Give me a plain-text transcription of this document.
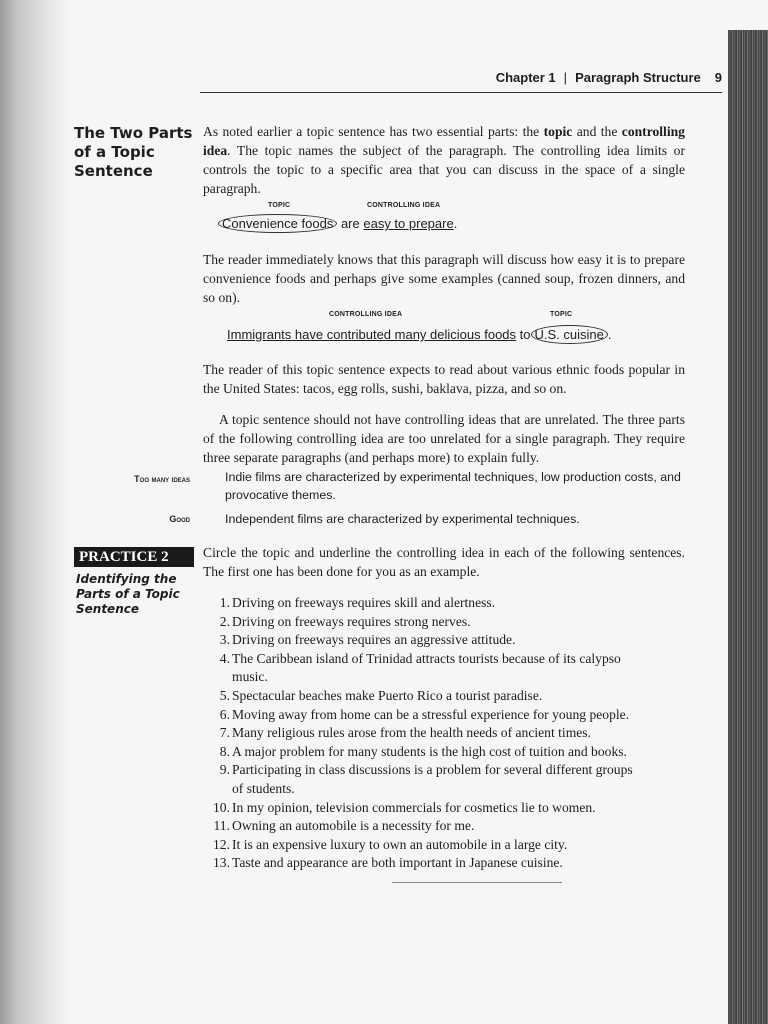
Chapter 1 | Paragraph Structure 9
The Two Parts of a Topic Sentence
As noted earlier a topic sentence has two essential parts: the topic and the controlling idea. The topic names the subject of the paragraph. The controlling idea limits or controls the topic to a specific area that you can discuss in the space of a single paragraph.
TOPIC	CONTROLLING IDEA
Convenience foods are easy to prepare.
The reader immediately knows that this paragraph will discuss how easy it is to prepare convenience foods and perhaps give some examples (canned soup, frozen dinners, and so on).
CONTROLLING IDEA	TOPIC
Immigrants have contributed many delicious foods to U.S. cuisine .
The reader of this topic sentence expects to read about various ethnic foods popular in the United States: tacos, egg rolls, sushi, baklava, pizza, and so on.
A topic sentence should not have controlling ideas that are unrelated. The three parts of the following controlling idea are too unrelated for a single paragraph. They require three separate paragraphs (and perhaps more) to explain fully.
Too many ideas	Indie films are characterized by experimental techniques, low production costs, and provocative themes.
Good	Independent films are characterized by experimental techniques.
PRACTICE 2
Identifying the Parts of a Topic Sentence
Circle the topic and underline the controlling idea in each of the following sentences. The first one has been done for you as an example.
1. Driving on freeways requires skill and alertness.
2. Driving on freeways requires strong nerves.
3. Driving on freeways requires an aggressive attitude.
4. The Caribbean island of Trinidad attracts tourists because of its calypso
music.
5. Spectacular beaches make Puerto Rico a tourist paradise.
6. Moving away from home can be a stressful experience for young people.
7. Many religious rules arose from the health needs of ancient times.
8. A major problem for many students is the high cost of tuition and books.
9. Participating in class discussions is a problem for several different groups
of students.
10. In my opinion, television commercials for cosmetics lie to women.
11. Owning an automobile is a necessity for me.
12. It is an expensive luxury to own an automobile in a large city.
13. Taste and appearance are both important in Japanese cuisine.
